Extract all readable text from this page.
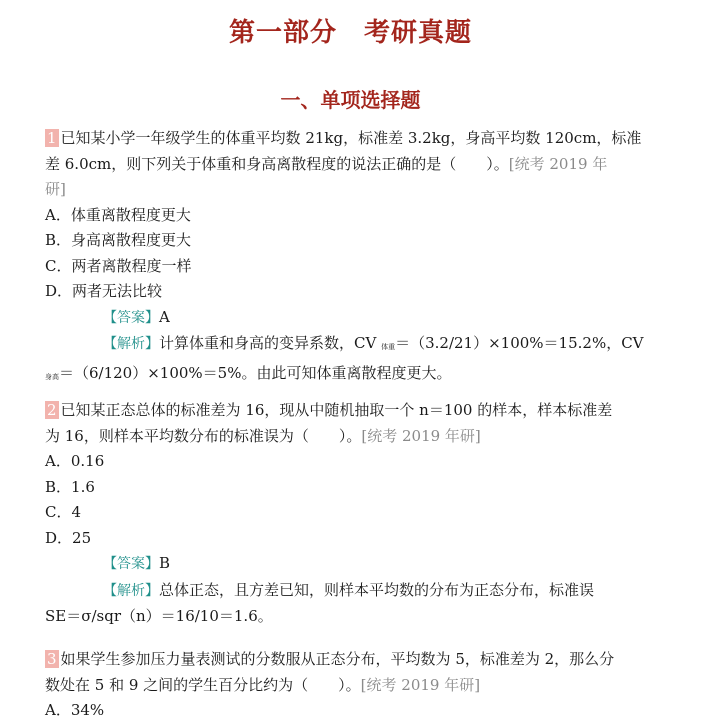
第一部分　考研真题
一、单项选择题
1 已知某小学一年级学生的体重平均数 21kg，标准差 3.2kg，身高平均数 120cm，标准
差 6.0cm，则下列关于体重和身高离散程度的说法正确的是（　　）。[统考 2019 年
研]
A．体重离散程度更大
B．身高离散程度更大
C．两者离散程度一样
D．两者无法比较
【答案】A
【解析】计算体重和身高的变异系数，CV 体重＝（3.2/21）×100%＝15.2%，CV
身高＝（6/120）×100%＝5%。由此可知体重离散程度更大。
2 已知某正态总体的标准差为 16，现从中随机抽取一个 n＝100 的样本，样本标准差
为 16，则样本平均数分布的标准误为（　　）。[统考 2019 年研]
A．0.16
B．1.6
C．4
D．25
【答案】B
【解析】总体正态，且方差已知，则样本平均数的分布为正态分布，标准误
SE＝σ/sqr（n）＝16/10＝1.6。
3 如果学生参加压力量表测试的分数服从正态分布，平均数为 5，标准差为 2，那么分
数处在 5 和 9 之间的学生百分比约为（　　）。[统考 2019 年研]
A．34%
